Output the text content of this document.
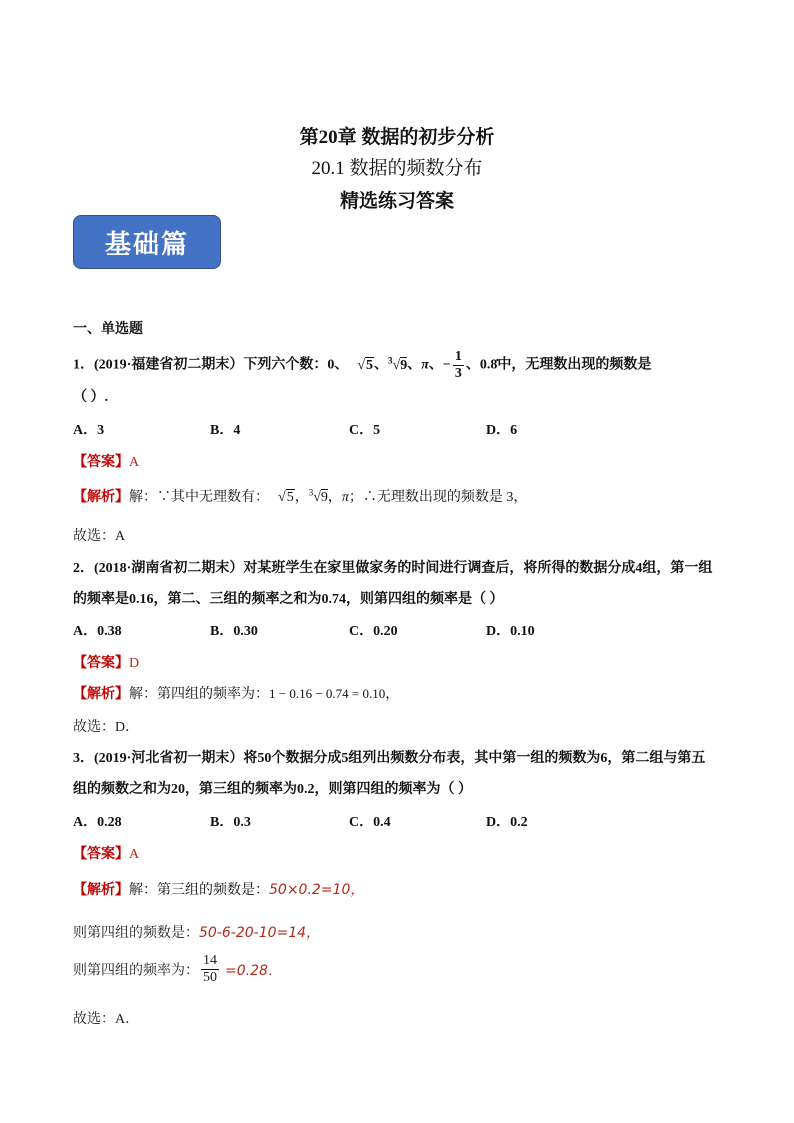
第20章 数据的初步分析
20.1 数据的频数分布
精选练习答案
基础篇
一、单选题
1．(2019·福建省初二期末）下列六个数：0、 √5、$^3$√9、π、− $\frac{1}{3}$ 、0.8̇中，无理数出现的频数是
（ ）.
A．3	B．4	C．5	D．6
【答案】A
【解析】解：∵其中无理数有： √5，$^3$√9，π；∴无理数出现的频数是 3，
故选：A
2．(2018·湖南省初二期末）对某班学生在家里做家务的时间进行调查后，将所得的数据分成4组，第一组
的频率是0.16，第二、三组的频率之和为0.74，则第四组的频率是（ ）
A．0.38	B．0.30	C．0.20	D．0.10
【答案】D
【解析】解：第四组的频率为：1 − 0.16 − 0.74 = 0.10，
故选：D．
3．(2019·河北省初一期末）将50个数据分成5组列出频数分布表，其中第一组的频数为6，第二组与第五
组的频数之和为20，第三组的频率为0.2，则第四组的频率为（ ）
A．0.28	B．0.3	C．0.4	D．0.2
【答案】A
【解析】解：第三组的频数是：50×0.2=10，
则第四组的频数是：50-6-20-10=14，
则第四组的频率为： $\frac{14}{50} =0.28$．
故选：A．
